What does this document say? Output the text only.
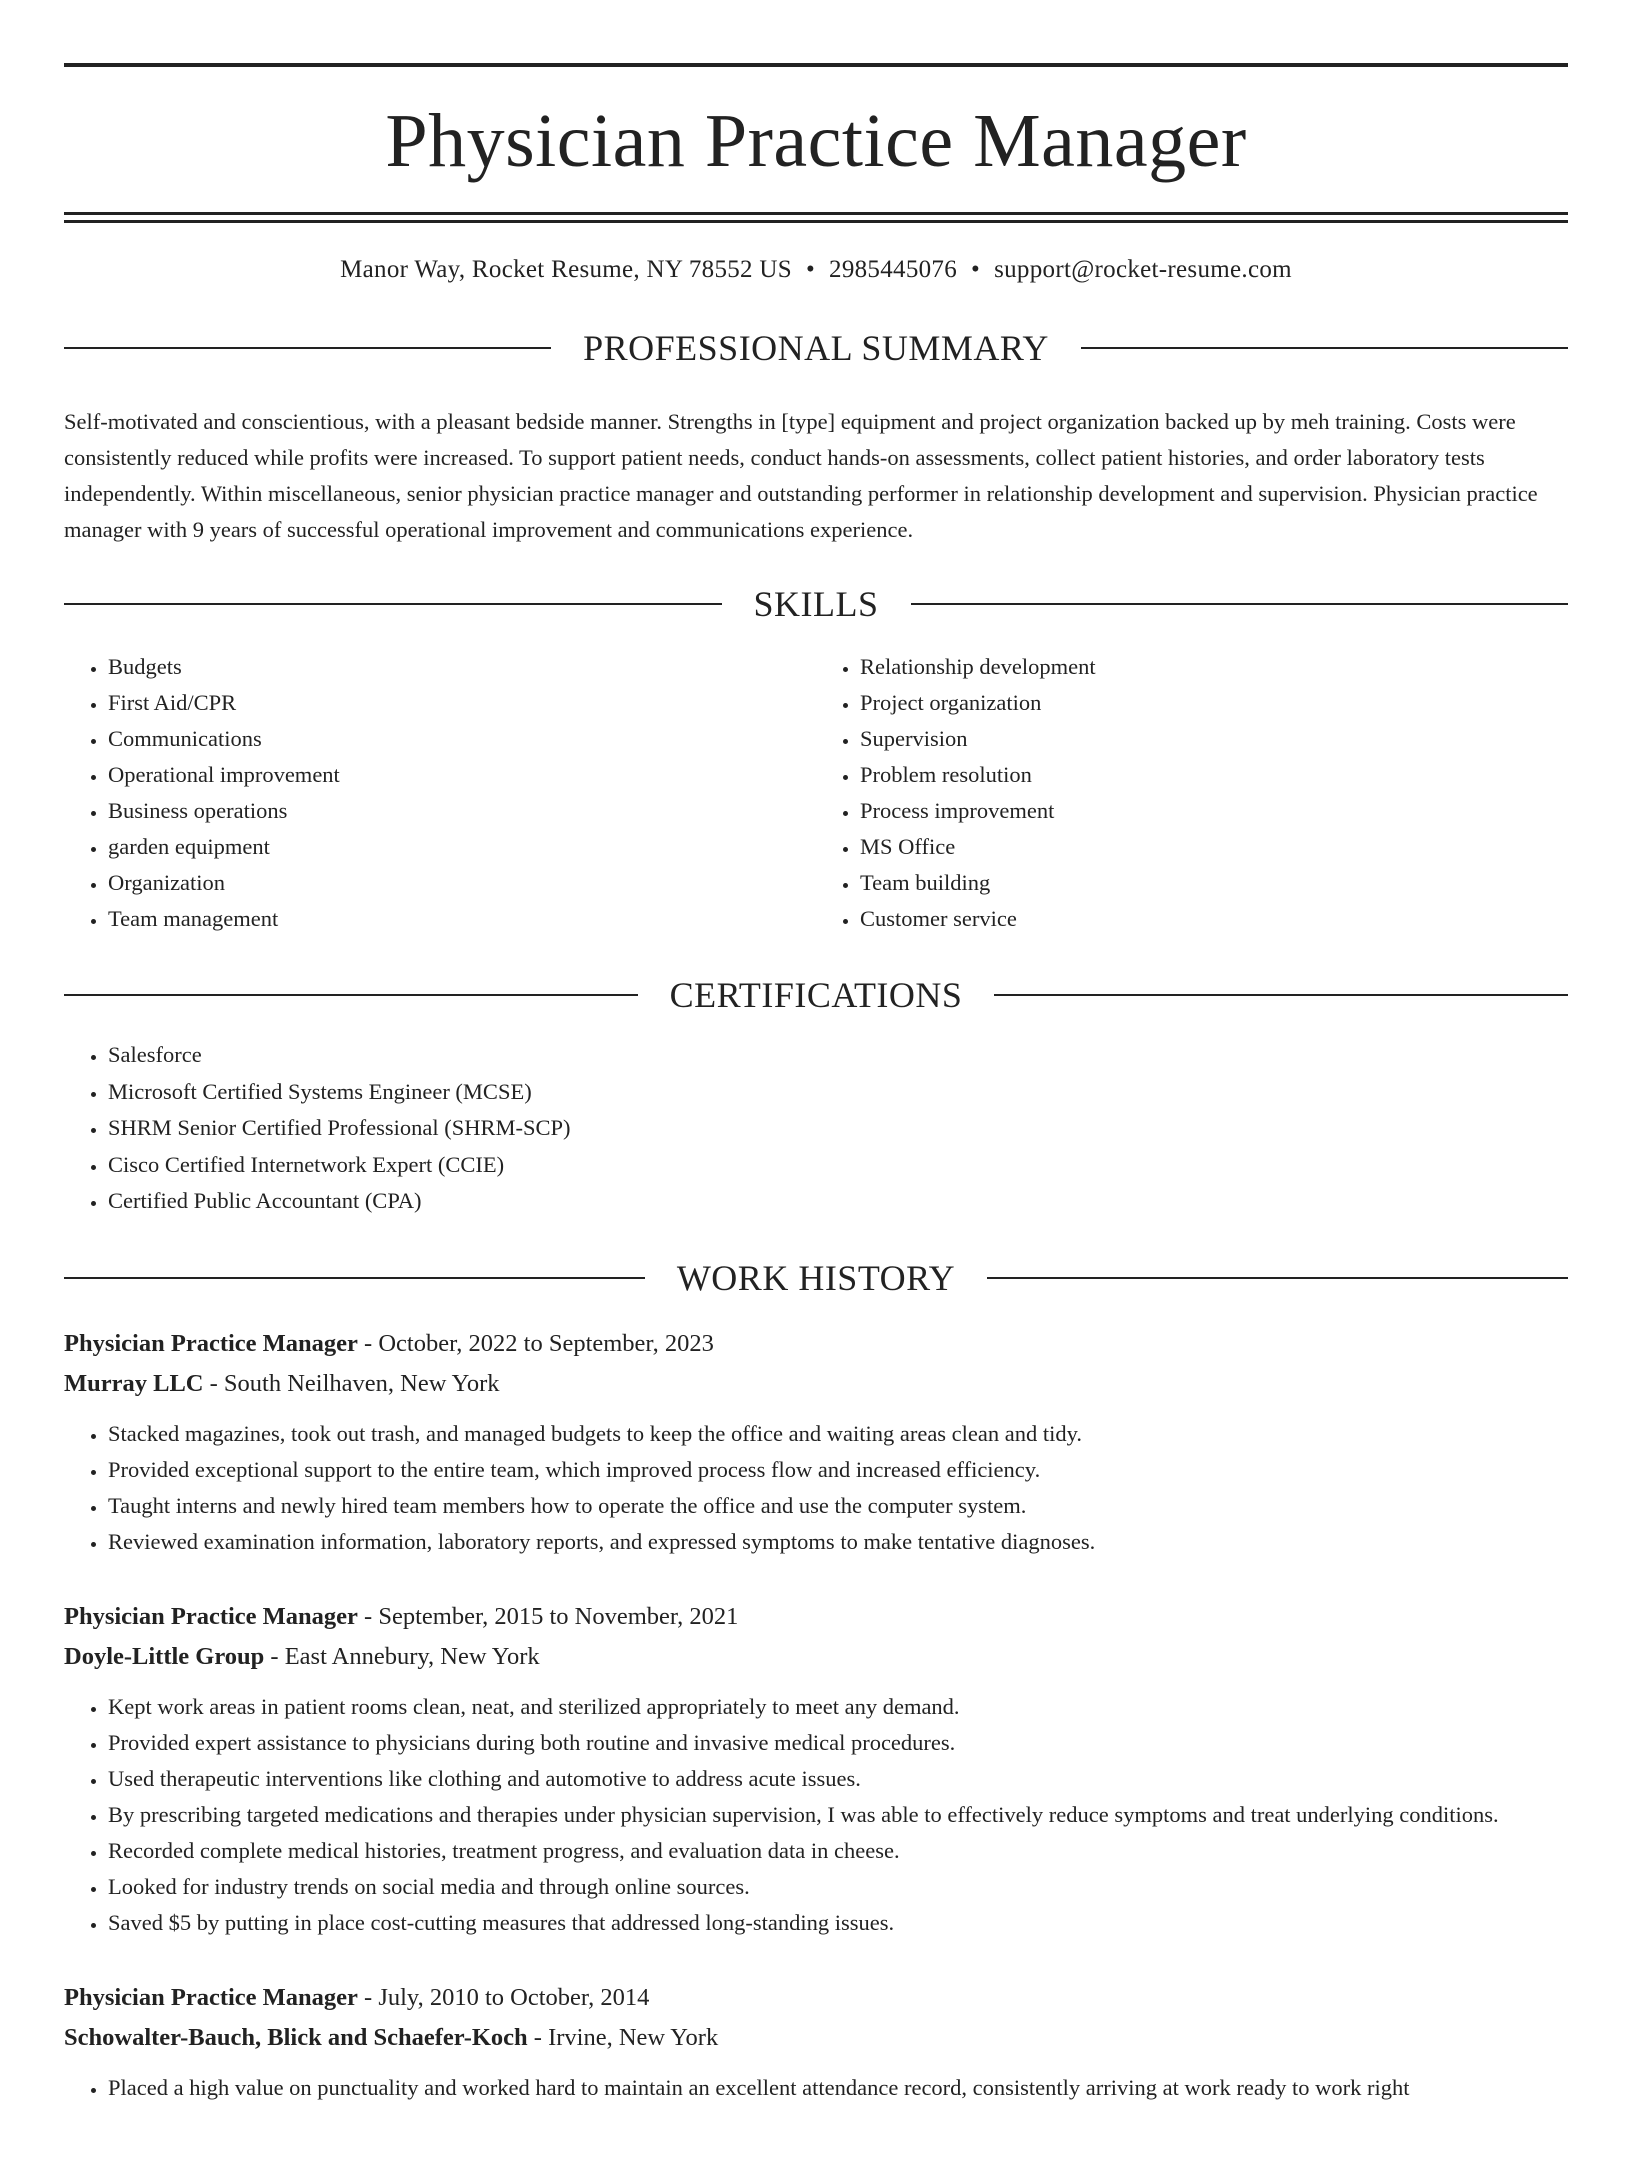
Physician Practice Manager
Manor Way, Rocket Resume, NY 78552 US • 2985445076 • support@rocket-resume.com
PROFESSIONAL SUMMARY

Self-motivated and conscientious, with a pleasant bedside manner. Strengths in [type] equipment and project organization backed up by meh training. Costs were consistently reduced while profits were increased. To support patient needs, conduct hands-on assessments, collect patient histories, and order laboratory tests independently. Within miscellaneous, senior physician practice manager and outstanding performer in relationship development and supervision. Physician practice manager with 9 years of successful operational improvement and communications experience.

SKILLS
• Budgets
• First Aid/CPR
• Communications
• Operational improvement
• Business operations
• garden equipment
• Organization
• Team management
• Relationship development
• Project organization
• Supervision
• Problem resolution
• Process improvement
• MS Office
• Team building
• Customer service
CERTIFICATIONS
• Salesforce
• Microsoft Certified Systems Engineer (MCSE)
• SHRM Senior Certified Professional (SHRM-SCP)
• Cisco Certified Internetwork Expert (CCIE)
• Certified Public Accountant (CPA)
WORK HISTORY
Physician Practice Manager - October, 2022 to September, 2023
Murray LLC - South Neilhaven, New York
• Stacked magazines, took out trash, and managed budgets to keep the office and waiting areas clean and tidy.
• Provided exceptional support to the entire team, which improved process flow and increased efficiency.
• Taught interns and newly hired team members how to operate the office and use the computer system.
• Reviewed examination information, laboratory reports, and expressed symptoms to make tentative diagnoses.
Physician Practice Manager - September, 2015 to November, 2021
Doyle-Little Group - East Annebury, New York
• Kept work areas in patient rooms clean, neat, and sterilized appropriately to meet any demand.
• Provided expert assistance to physicians during both routine and invasive medical procedures.
• Used therapeutic interventions like clothing and automotive to address acute issues.
• By prescribing targeted medications and therapies under physician supervision, I was able to effectively reduce symptoms and treat underlying conditions.
• Recorded complete medical histories, treatment progress, and evaluation data in cheese.
• Looked for industry trends on social media and through online sources.
• Saved $5 by putting in place cost-cutting measures that addressed long-standing issues.
Physician Practice Manager - July, 2010 to October, 2014
Schowalter-Bauch, Blick and Schaefer-Koch - Irvine, New York
• Placed a high value on punctuality and worked hard to maintain an excellent attendance record, consistently arriving at work ready to work right
